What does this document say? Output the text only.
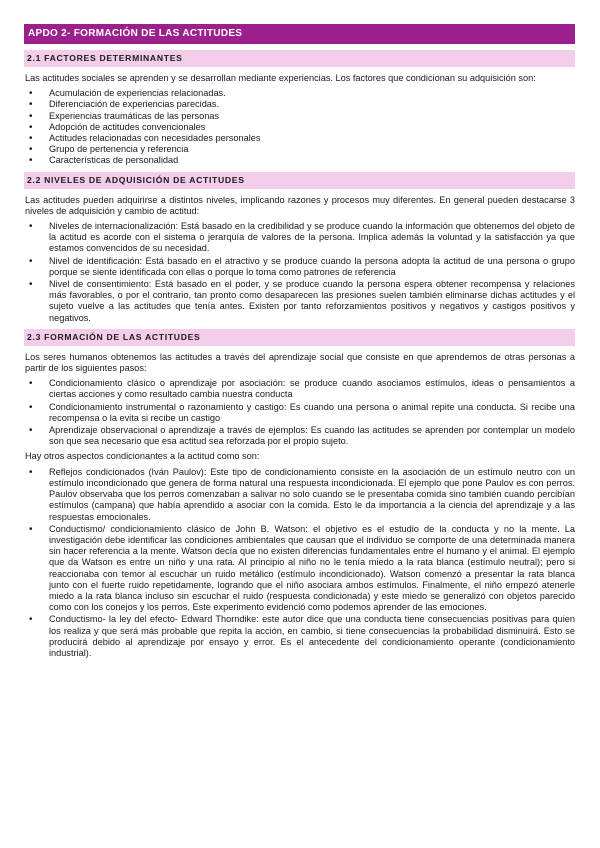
APDO 2- FORMACIÓN DE LAS ACTITUDES
2.1 FACTORES DETERMINANTES

Las actitudes sociales se aprenden y se desarrollan mediante experiencias. Los factores que condicionan su adquisición son:

• Acumulación de experiencias relacionadas.
• Diferenciación de experiencias parecidas.
• Experiencias traumáticas de las personas
• Adopción de actitudes convencionales
• Actitudes relacionadas con necesidades personales
• Grupo de pertenencia y referencia
• Características de personalidad
2.2 NIVELES DE ADQUISICIÓN DE ACTITUDES

Las actitudes pueden adquirirse a distintos niveles, implicando razones y procesos muy diferentes. En general pueden destacarse 3 niveles de adquisición y cambio de actitud:

• Niveles de internacionalización: Está basado en la credibilidad y se produce cuando la información que obtenemos del objeto de la actitud es acorde con el sistema o jerarquía de valores de la persona. Implica además la voluntad y la satisfacción ya que estamos convencidos de su necesidad.
• Nivel de identificación: Está basado en el atractivo y se produce cuando la persona adopta la actitud de una persona o grupo porque se siente identificada con ellas o porque lo toma como patrones de referencia
• Nivel de consentimiento: Está basado en el poder, y se produce cuando la persona espera obtener recompensa y relaciones más favorables, o por el contrario, tan pronto como desaparecen las presiones suelen también eliminarse dichas actitudes y el sujeto vuelve a las actitudes que tenía antes. Existen por tanto reforzamientos positivos y negativos y castigos positivos y negativos.
2.3 FORMACIÓN DE LAS ACTITUDES

Los seres humanos obtenemos las actitudes a través del aprendizaje social que consiste en que aprendemos de otras personas a partir de los siguientes pasos:

• Condicionamiento clásico o aprendizaje por asociación: se produce cuando asociamos estímulos, ideas o pensamientos a ciertas acciones y como resultado cambia nuestra conducta
• Condicionamiento instrumental o razonamiento y castigo: Es cuando una persona o animal repite una conducta. Si recibe una recompensa o la evita si recibe un castigo
• Aprendizaje observacional o aprendizaje a través de ejemplos: Es cuando las actitudes se aprenden por contemplar un modelo son que sea necesario que esa actitud sea reforzada por el propio sujeto.

Hay otros aspectos condicionantes a la actitud como son:

• Reflejos condicionados (Iván Paulov): Este tipo de condicionamiento consiste en la asociación de un estímulo neutro con un estímulo incondicionado que genera de forma natural una respuesta incondicionada. El ejemplo que pone Paulov es con perros. Paulov observaba que los perros comenzaban a salivar no solo cuando se le presentaba comida sino también cuando percibían estímulos (campana) que había aprendido a asociar con la comida. Esto le da importancia a la ciencia del aprendizaje y a las respuestas emocionales.
• Conductismo/ condicionamiento clásico de John B. Watson: el objetivo es el estudio de la conducta y no la mente. La investigación debe identificar las condiciones ambientales que causan que el individuo se comporte de una determinada manera sin hacer referencia a la mente. Watson decía que no existen diferencias fundamentales entre el humano y el animal. El ejemplo que da Watson es entre un niño y una rata. Al principio al niño no le tenía miedo a la rata blanca (estímulo neutral); pero si reaccionaba con temor al escuchar un ruido metálico (estímulo incondicionado). Watson comenzó a presentar la rata blanca junto con el fuerte ruido repetidamente, logrando que el niño asociara ambos estímulos. Finalmente, el niño empezó atenerle miedo a la rata blanca incluso sin escuchar el ruido (respuesta condicionada) y este miedo se generalizó con objetos parecido como con los conejos y los perros. Este experimento evidenció como podemos aprender de las emociones.
• Conductismo- la ley del efecto- Edward Thorndike: este autor dice que una conducta tiene consecuencias positivas para quien los realiza y que será más probable que repita la acción, en cambio, si tiene consecuencias la probabilidad disminuirá. Esto se producirá debido al aprendizaje por ensayo y error. Es el antecedente del condicionamiento operante (condicionamiento industrial).
